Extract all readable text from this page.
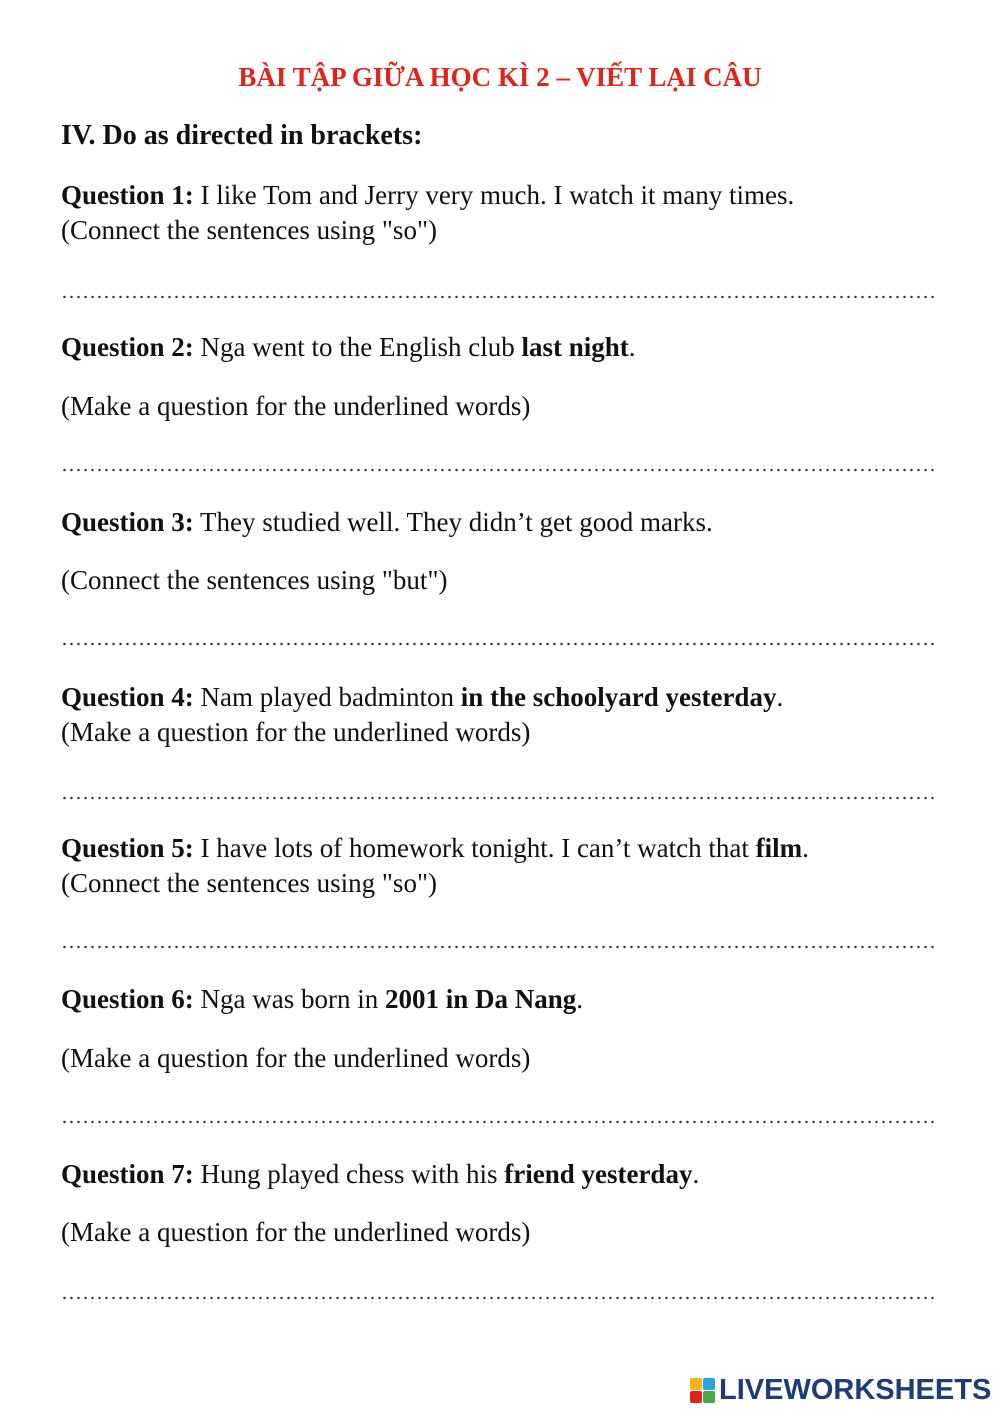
BÀI TẬP GIỮA HỌC KÌ 2 – VIẾT LẠI CÂU
IV. Do as directed in brackets:
Question 1: I like Tom and Jerry very much. I watch it many times.
(Connect the sentences using "so")
Question 2: Nga went to the English club last night.
(Make a question for the underlined words)
Question 3: They studied well. They didn’t get good marks.
(Connect the sentences using "but")
Question 4: Nam played badminton in the schoolyard yesterday.
(Make a question for the underlined words)
Question 5: I have lots of homework tonight. I can’t watch that film.
(Connect the sentences using "so")
Question 6: Nga was born in 2001 in Da Nang.
(Make a question for the underlined words)
Question 7: Hung played chess with his friend yesterday.
(Make a question for the underlined words)
LIVEWORKSHEETS
